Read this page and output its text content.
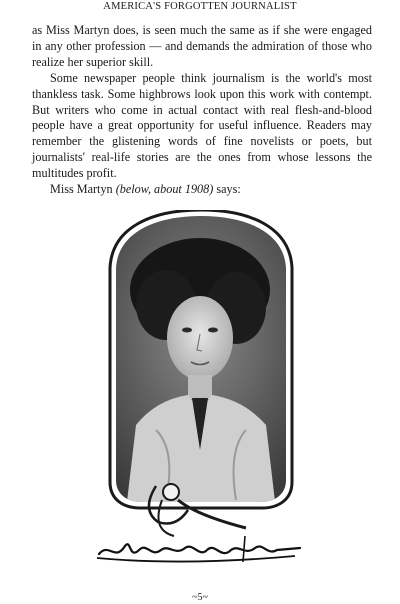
AMERICA'S FORGOTTEN JOURNALIST

as Miss Martyn does, is seen much the same as if she were engaged in any other profession — and demands the admiration of those who realize her superior skill.

Some newspaper people think journalism is the world's most thankless task. Some highbrows look upon this work with contempt. But writers who come in actual contact with real flesh-and-blood people have a great opportunity for useful influence. Readers may remember the glistening words of fine novelists or poets, but journalists' real-life stories are the ones from whose lessons the multitudes profit.

Miss Martyn (below, about 1908) says:

~5~
